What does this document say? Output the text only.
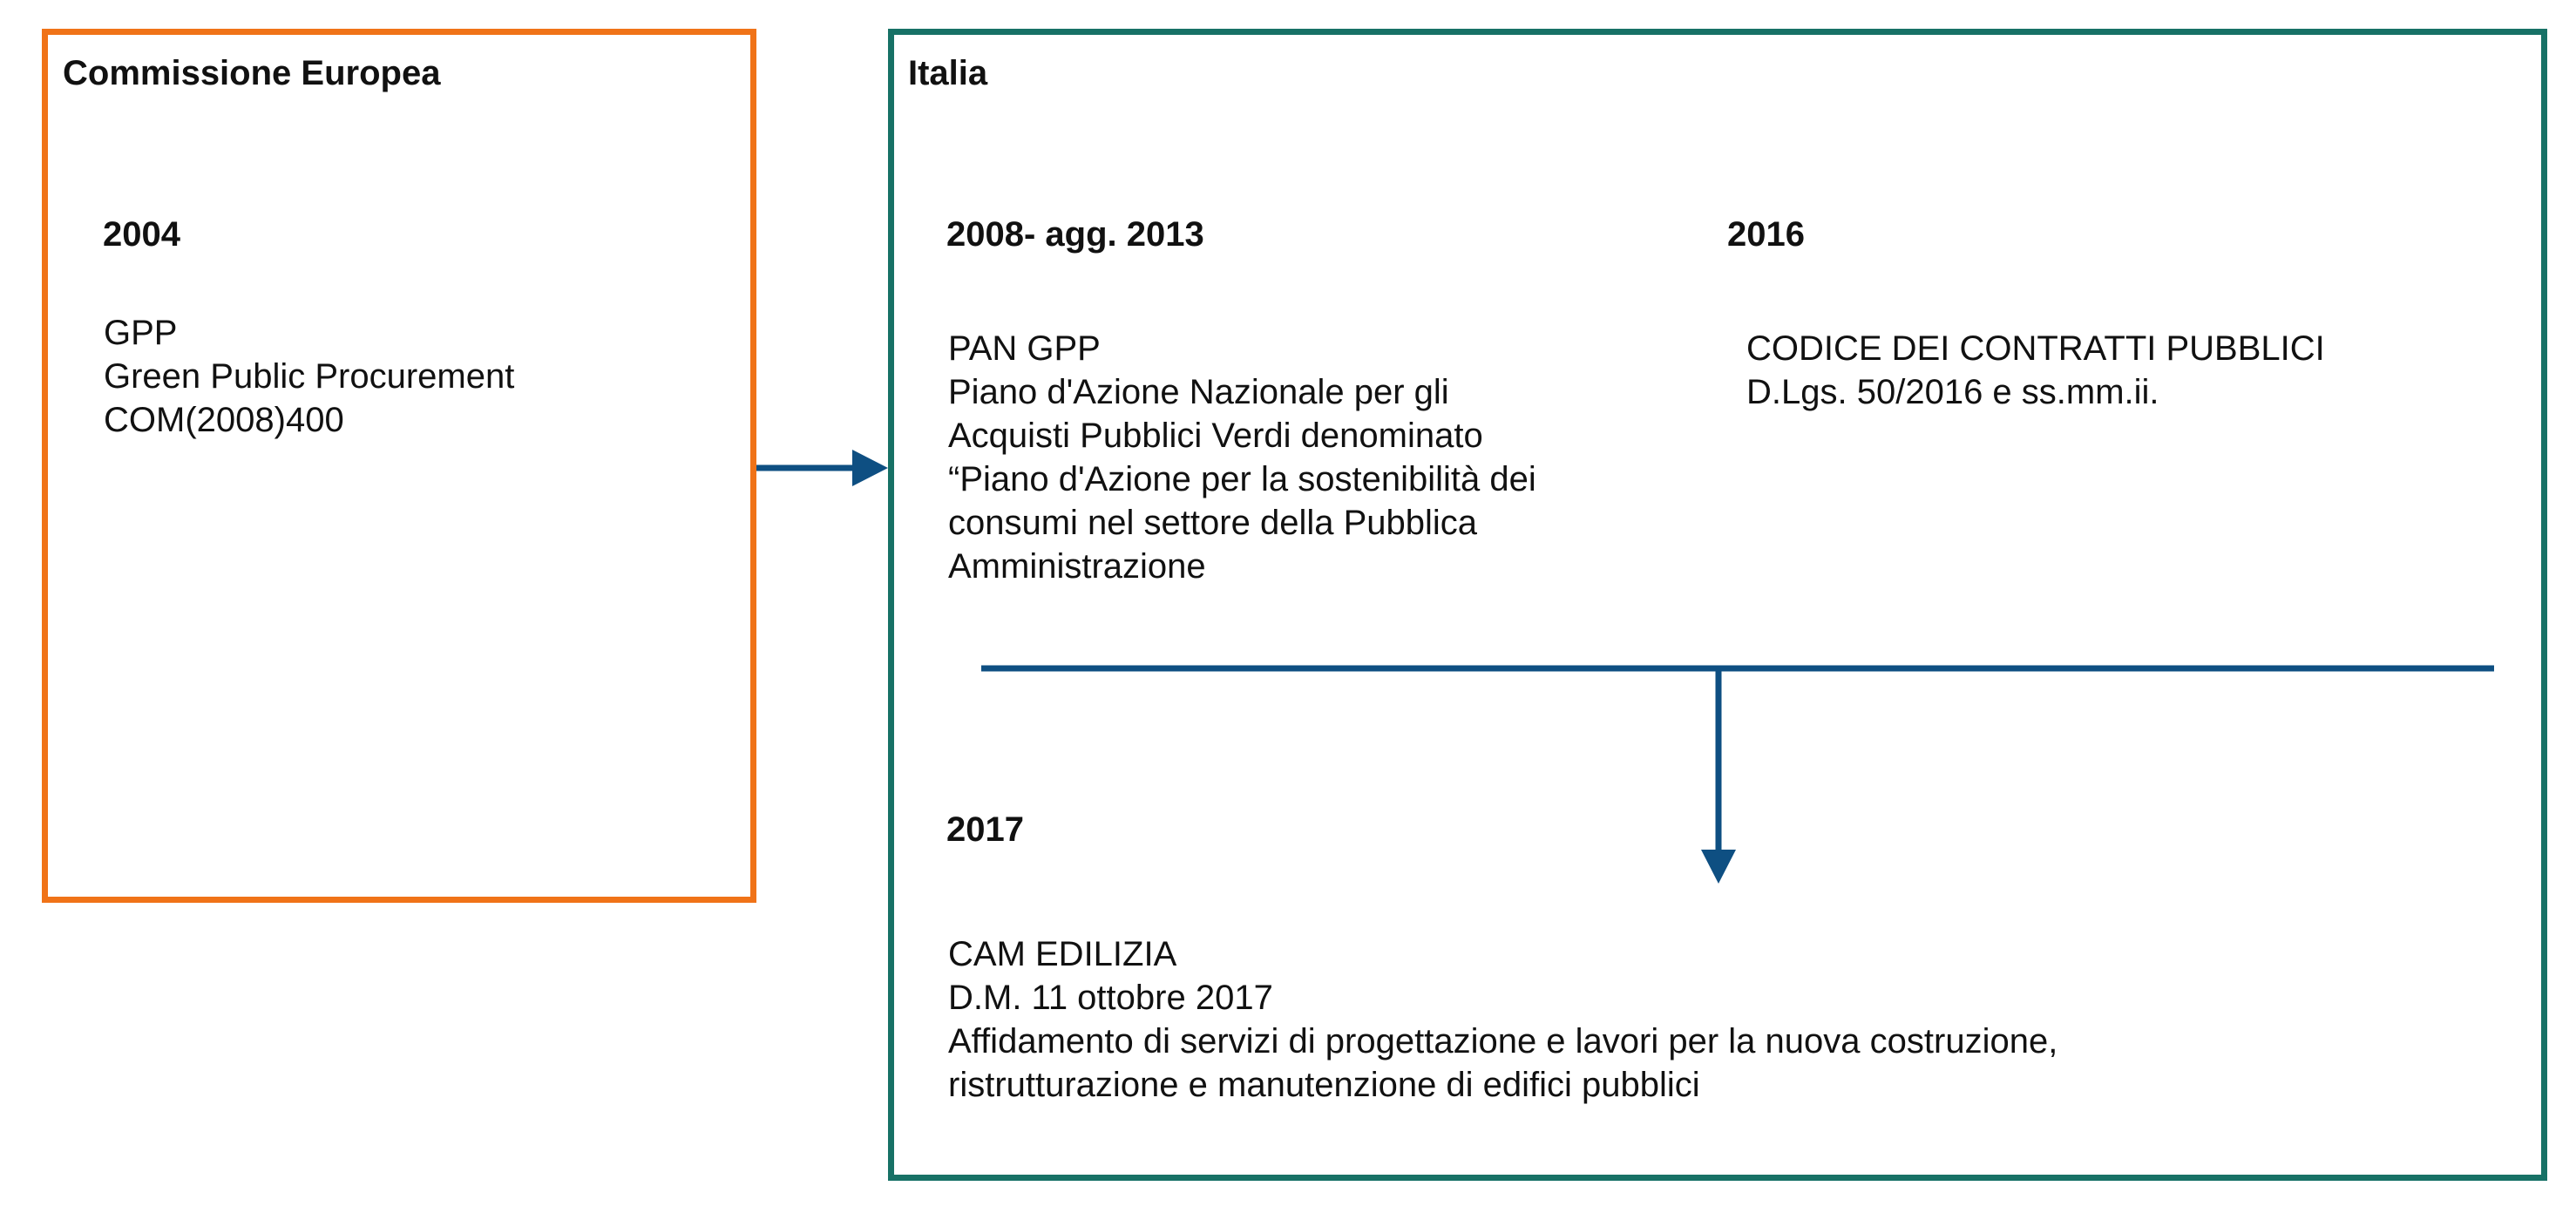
Commissione Europea
2004
GPP
Green Public Procurement
COM(2008)400
Italia
2008- agg. 2013
PAN GPP
Piano d'Azione Nazionale per gli
Acquisti Pubblici Verdi denominato
“Piano d'Azione per la sostenibilità dei
consumi nel settore della Pubblica
Amministrazione
2016
CODICE DEI CONTRATTI PUBBLICI
D.Lgs. 50/2016 e ss.mm.ii.
2017
CAM EDILIZIA
D.M. 11 ottobre 2017
Affidamento di servizi di progettazione e lavori per la nuova costruzione,
ristrutturazione e manutenzione di edifici pubblici
